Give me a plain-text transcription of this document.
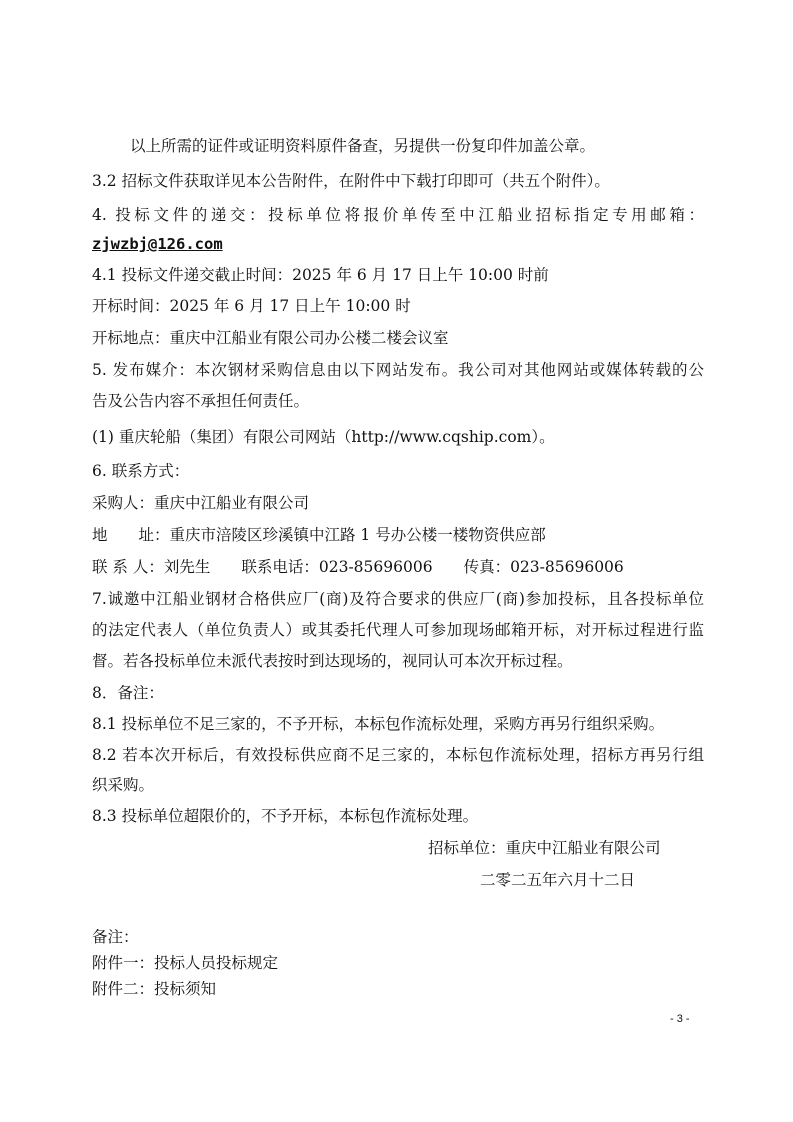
以上所需的证件或证明资料原件备查，另提供一份复印件加盖公章。
3.2 招标文件获取详见本公告附件，在附件中下载打印即可（共五个附件）。
4. 投标文件的递交：投标单位将报价单传至中江船业招标指定专用邮箱：
zjwzbj@126.com
4.1 投标文件递交截止时间：2025 年 6 月 17 日上午 10:00 时前
开标时间：2025 年 6 月 17 日上午 10:00 时
开标地点：重庆中江船业有限公司办公楼二楼会议室
5. 发布媒介：本次钢材采购信息由以下网站发布。我公司对其他网站或媒体转载的公
告及公告内容不承担任何责任。
(1) 重庆轮船（集团）有限公司网站（http://www.cqship.com）。
6. 联系方式：
采购人：重庆中江船业有限公司
地　　址：重庆市涪陵区珍溪镇中江路 1 号办公楼一楼物资供应部
联 系 人：刘先生　　联系电话：023-85696006　　传真：023-85696006
7.诚邀中江船业钢材合格供应厂(商)及符合要求的供应厂(商)参加投标，且各投标单位
的法定代表人（单位负责人）或其委托代理人可参加现场邮箱开标，对开标过程进行监
督。若各投标单位未派代表按时到达现场的，视同认可本次开标过程。
8．备注：
8.1 投标单位不足三家的，不予开标，本标包作流标处理，采购方再另行组织采购。
8.2 若本次开标后，有效投标供应商不足三家的，本标包作流标处理，招标方再另行组
织采购。
8.3 投标单位超限价的，不予开标，本标包作流标处理。
招标单位：重庆中江船业有限公司
二零二五年六月十二日
备注：
附件一：投标人员投标规定
附件二：投标须知
- 3 -
